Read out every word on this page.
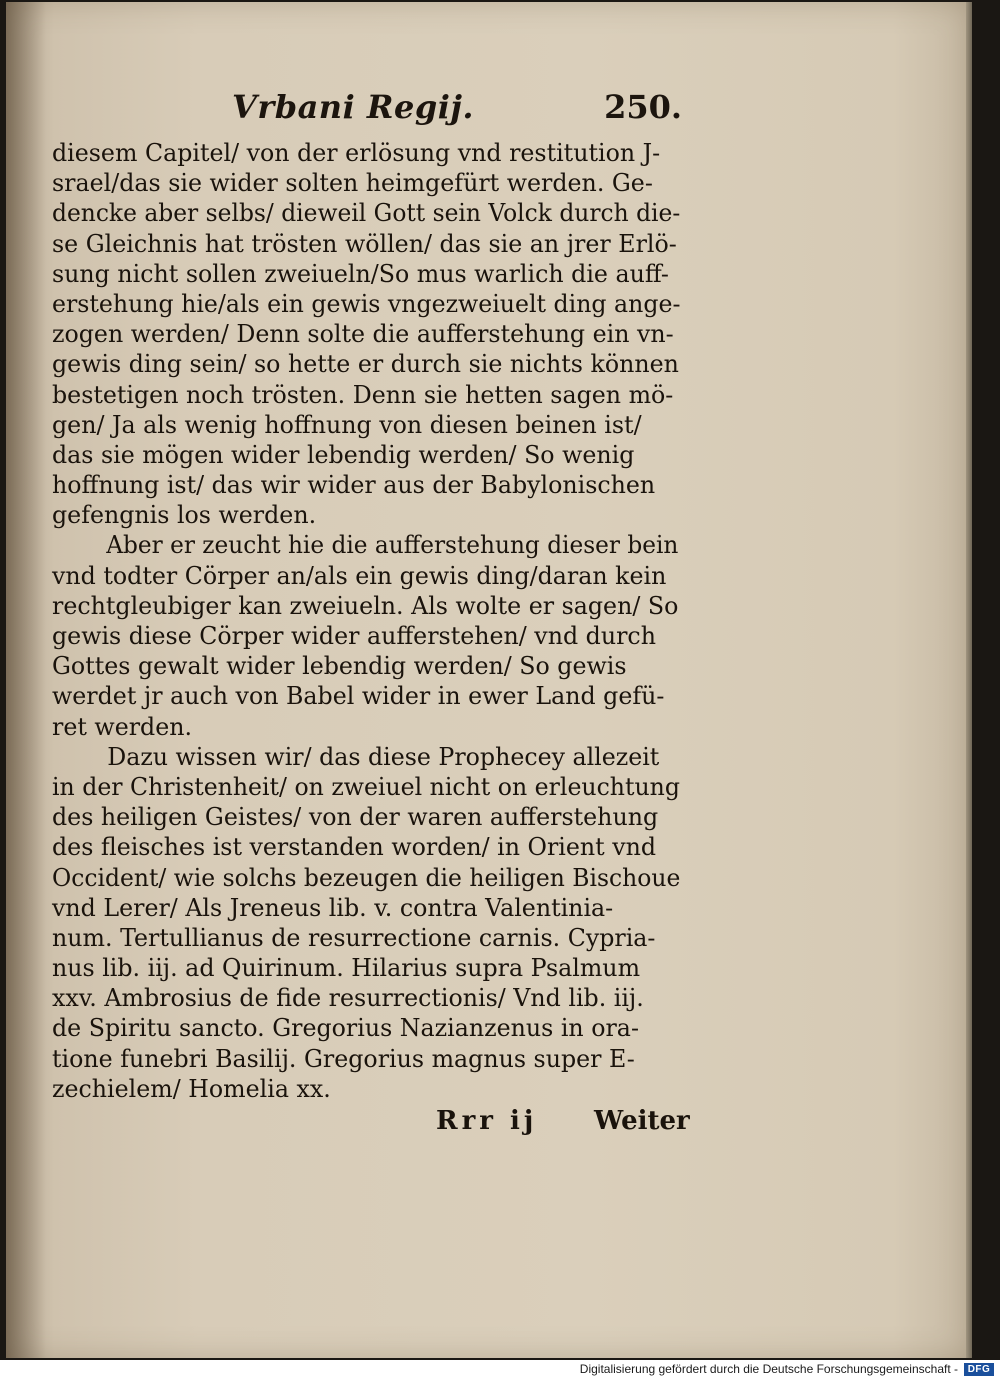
Vrbani Regij.	250.
diesem Capitel/ von der erlösung vnd restitution J-
srael/das sie wider solten heimgefürt werden. Ge-
dencke aber selbs/ dieweil Gott sein Volck durch die-
se Gleichnis hat trösten wöllen/ das sie an jrer Erlö-
sung nicht sollen zweiueln/So mus warlich die auff-
erstehung hie/als ein gewis vngezweiuelt ding ange-
zogen werden/ Denn solte die aufferstehung ein vn-
gewis ding sein/ so hette er durch sie nichts können
bestetigen noch trösten. Denn sie hetten sagen mö-
gen/ Ja als wenig hoffnung von diesen beinen ist/
das sie mögen wider lebendig werden/ So wenig
hoffnung ist/ das wir wider aus der Babylonischen
gefengnis los werden.
Aber er zeucht hie die aufferstehung dieser bein
vnd todter Cörper an/als ein gewis ding/daran kein
rechtgleubiger kan zweiueln. Als wolte er sagen/ So
gewis diese Cörper wider aufferstehen/ vnd durch
Gottes gewalt wider lebendig werden/ So gewis
werdet jr auch von Babel wider in ewer Land gefü-
ret werden.
Dazu wissen wir/ das diese Prophecey allezeit
in der Christenheit/ on zweiuel nicht on erleuchtung
des heiligen Geistes/ von der waren aufferstehung
des fleisches ist verstanden worden/ in Orient vnd
Occident/ wie solchs bezeugen die heiligen Bischoue
vnd Lerer/ Als Jreneus lib. v. contra Valentinia-
num. Tertullianus de resurrectione carnis. Cypria-
nus lib. iij. ad Quirinum. Hilarius supra Psalmum
xxv. Ambrosius de fide resurrectionis/ Vnd lib. iij.
de Spiritu sancto. Gregorius Nazianzenus in ora-
tione funebri Basilij. Gregorius magnus super E-
zechielem/ Homelia xx.
Rrr ij Weiter
Digitalisierung gefördert durch die Deutsche Forschungsgemeinschaft - DFG
